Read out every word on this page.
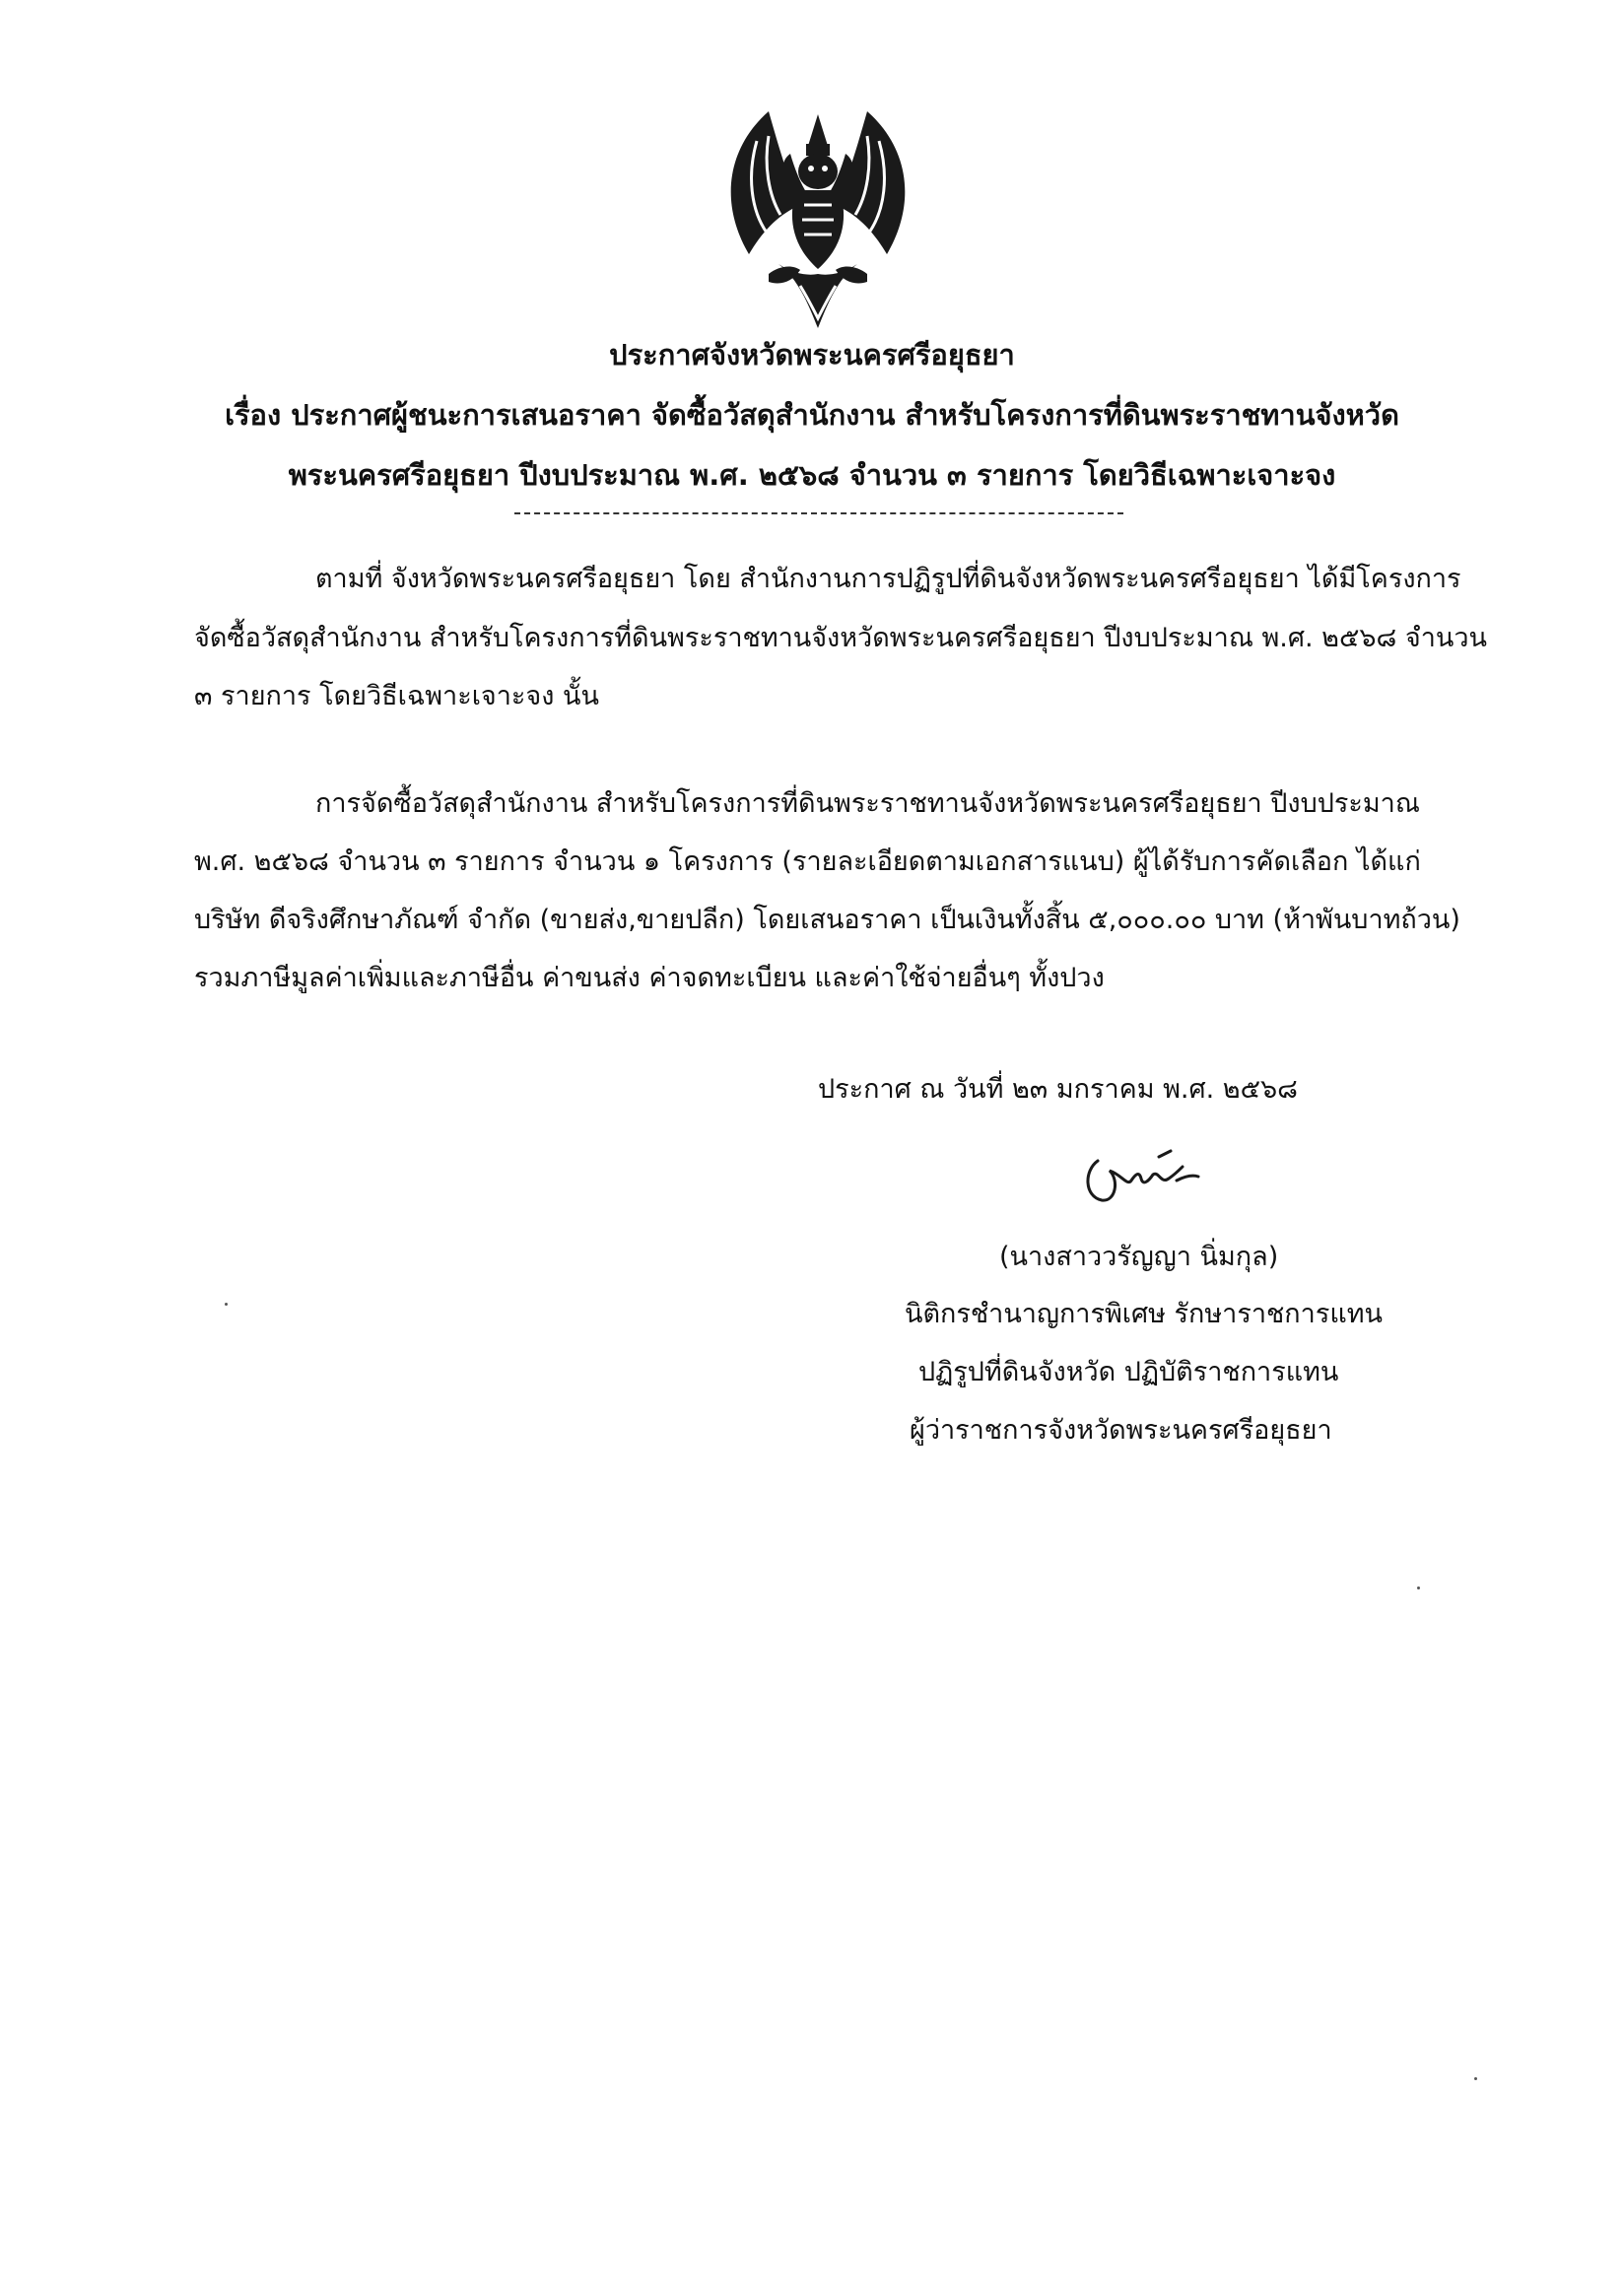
ประกาศจังหวัดพระนครศรีอยุธยา
เรื่อง ประกาศผู้ชนะการเสนอราคา จัดซื้อวัสดุสำนักงาน สำหรับโครงการที่ดินพระราชทานจังหวัด
พระนครศรีอยุธยา ปีงบประมาณ พ.ศ. ๒๕๖๘ จำนวน ๓ รายการ โดยวิธีเฉพาะเจาะจง
ตามที่ จังหวัดพระนครศรีอยุธยา โดย สำนักงานการปฏิรูปที่ดินจังหวัดพระนครศรีอยุธยา ได้มีโครงการ
จัดซื้อวัสดุสำนักงาน สำหรับโครงการที่ดินพระราชทานจังหวัดพระนครศรีอยุธยา ปีงบประมาณ พ.ศ. ๒๕๖๘ จำนวน
๓ รายการ โดยวิธีเฉพาะเจาะจง นั้น
การจัดซื้อวัสดุสำนักงาน สำหรับโครงการที่ดินพระราชทานจังหวัดพระนครศรีอยุธยา ปีงบประมาณ
พ.ศ. ๒๕๖๘ จำนวน ๓ รายการ จำนวน ๑ โครงการ (รายละเอียดตามเอกสารแนบ) ผู้ได้รับการคัดเลือก ได้แก่
บริษัท ดีจริงศึกษาภัณฑ์ จำกัด (ขายส่ง,ขายปลีก) โดยเสนอราคา เป็นเงินทั้งสิ้น ๕,๐๐๐.๐๐ บาท (ห้าพันบาทถ้วน)
รวมภาษีมูลค่าเพิ่มและภาษีอื่น ค่าขนส่ง ค่าจดทะเบียน และค่าใช้จ่ายอื่นๆ ทั้งปวง
ประกาศ ณ วันที่ ๒๓ มกราคม พ.ศ. ๒๕๖๘
(นางสาววรัญญา นิ่มกุล)
นิติกรชำนาญการพิเศษ รักษาราชการแทน
ปฏิรูปที่ดินจังหวัด ปฏิบัติราชการแทน
ผู้ว่าราชการจังหวัดพระนครศรีอยุธยา
